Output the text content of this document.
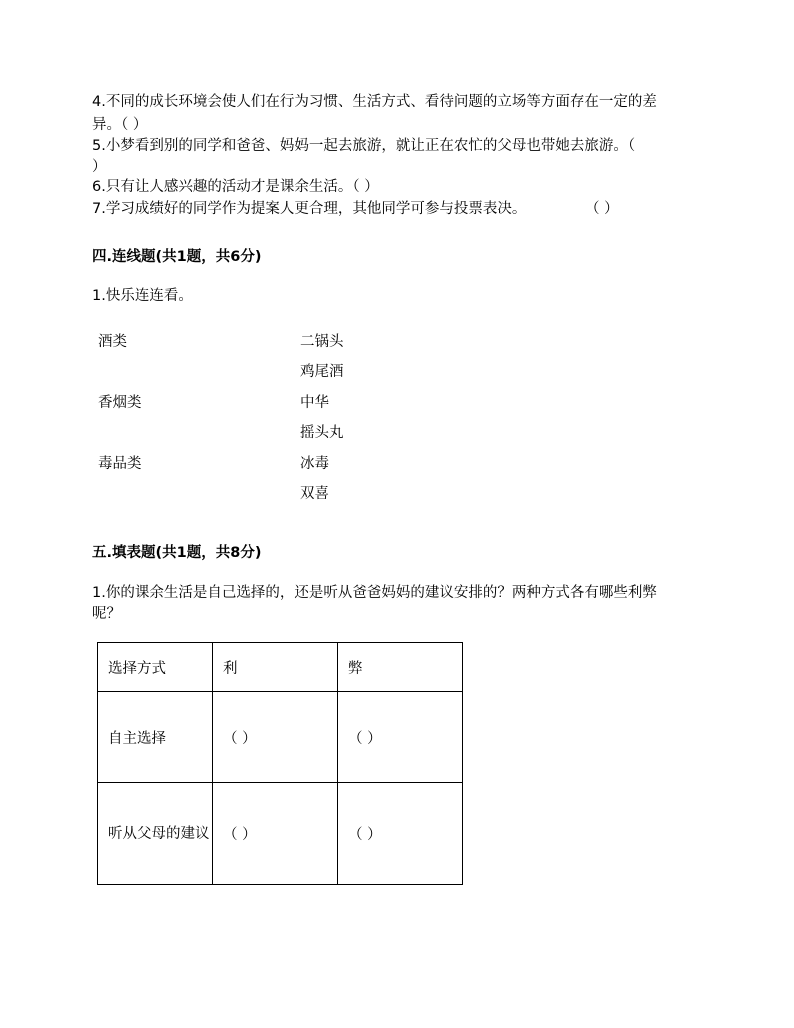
4.不同的成长环境会使人们在行为习惯、生活方式、看待问题的立场等方面存在一定的差
异。（ ）
5.小梦看到别的同学和爸爸、妈妈一起去旅游，就让正在农忙的父母也带她去旅游。（
）
6.只有让人感兴趣的活动才是课余生活。（ ）
7.学习成绩好的同学作为提案人更合理，其他同学可参与投票表决。	（ ）
四.连线题(共1题，共6分)
1.快乐连连看。
酒类
香烟类
毒品类
二锅头
鸡尾酒
中华
摇头丸
冰毒
双喜
五.填表题(共1题，共8分)
1.你的课余生活是自己选择的，还是听从爸爸妈妈的建议安排的？两种方式各有哪些利弊
呢？
选择方式	利	弊
自主选择	（ ）	（ ）
听从父母的建议	（ ）	（ ）
